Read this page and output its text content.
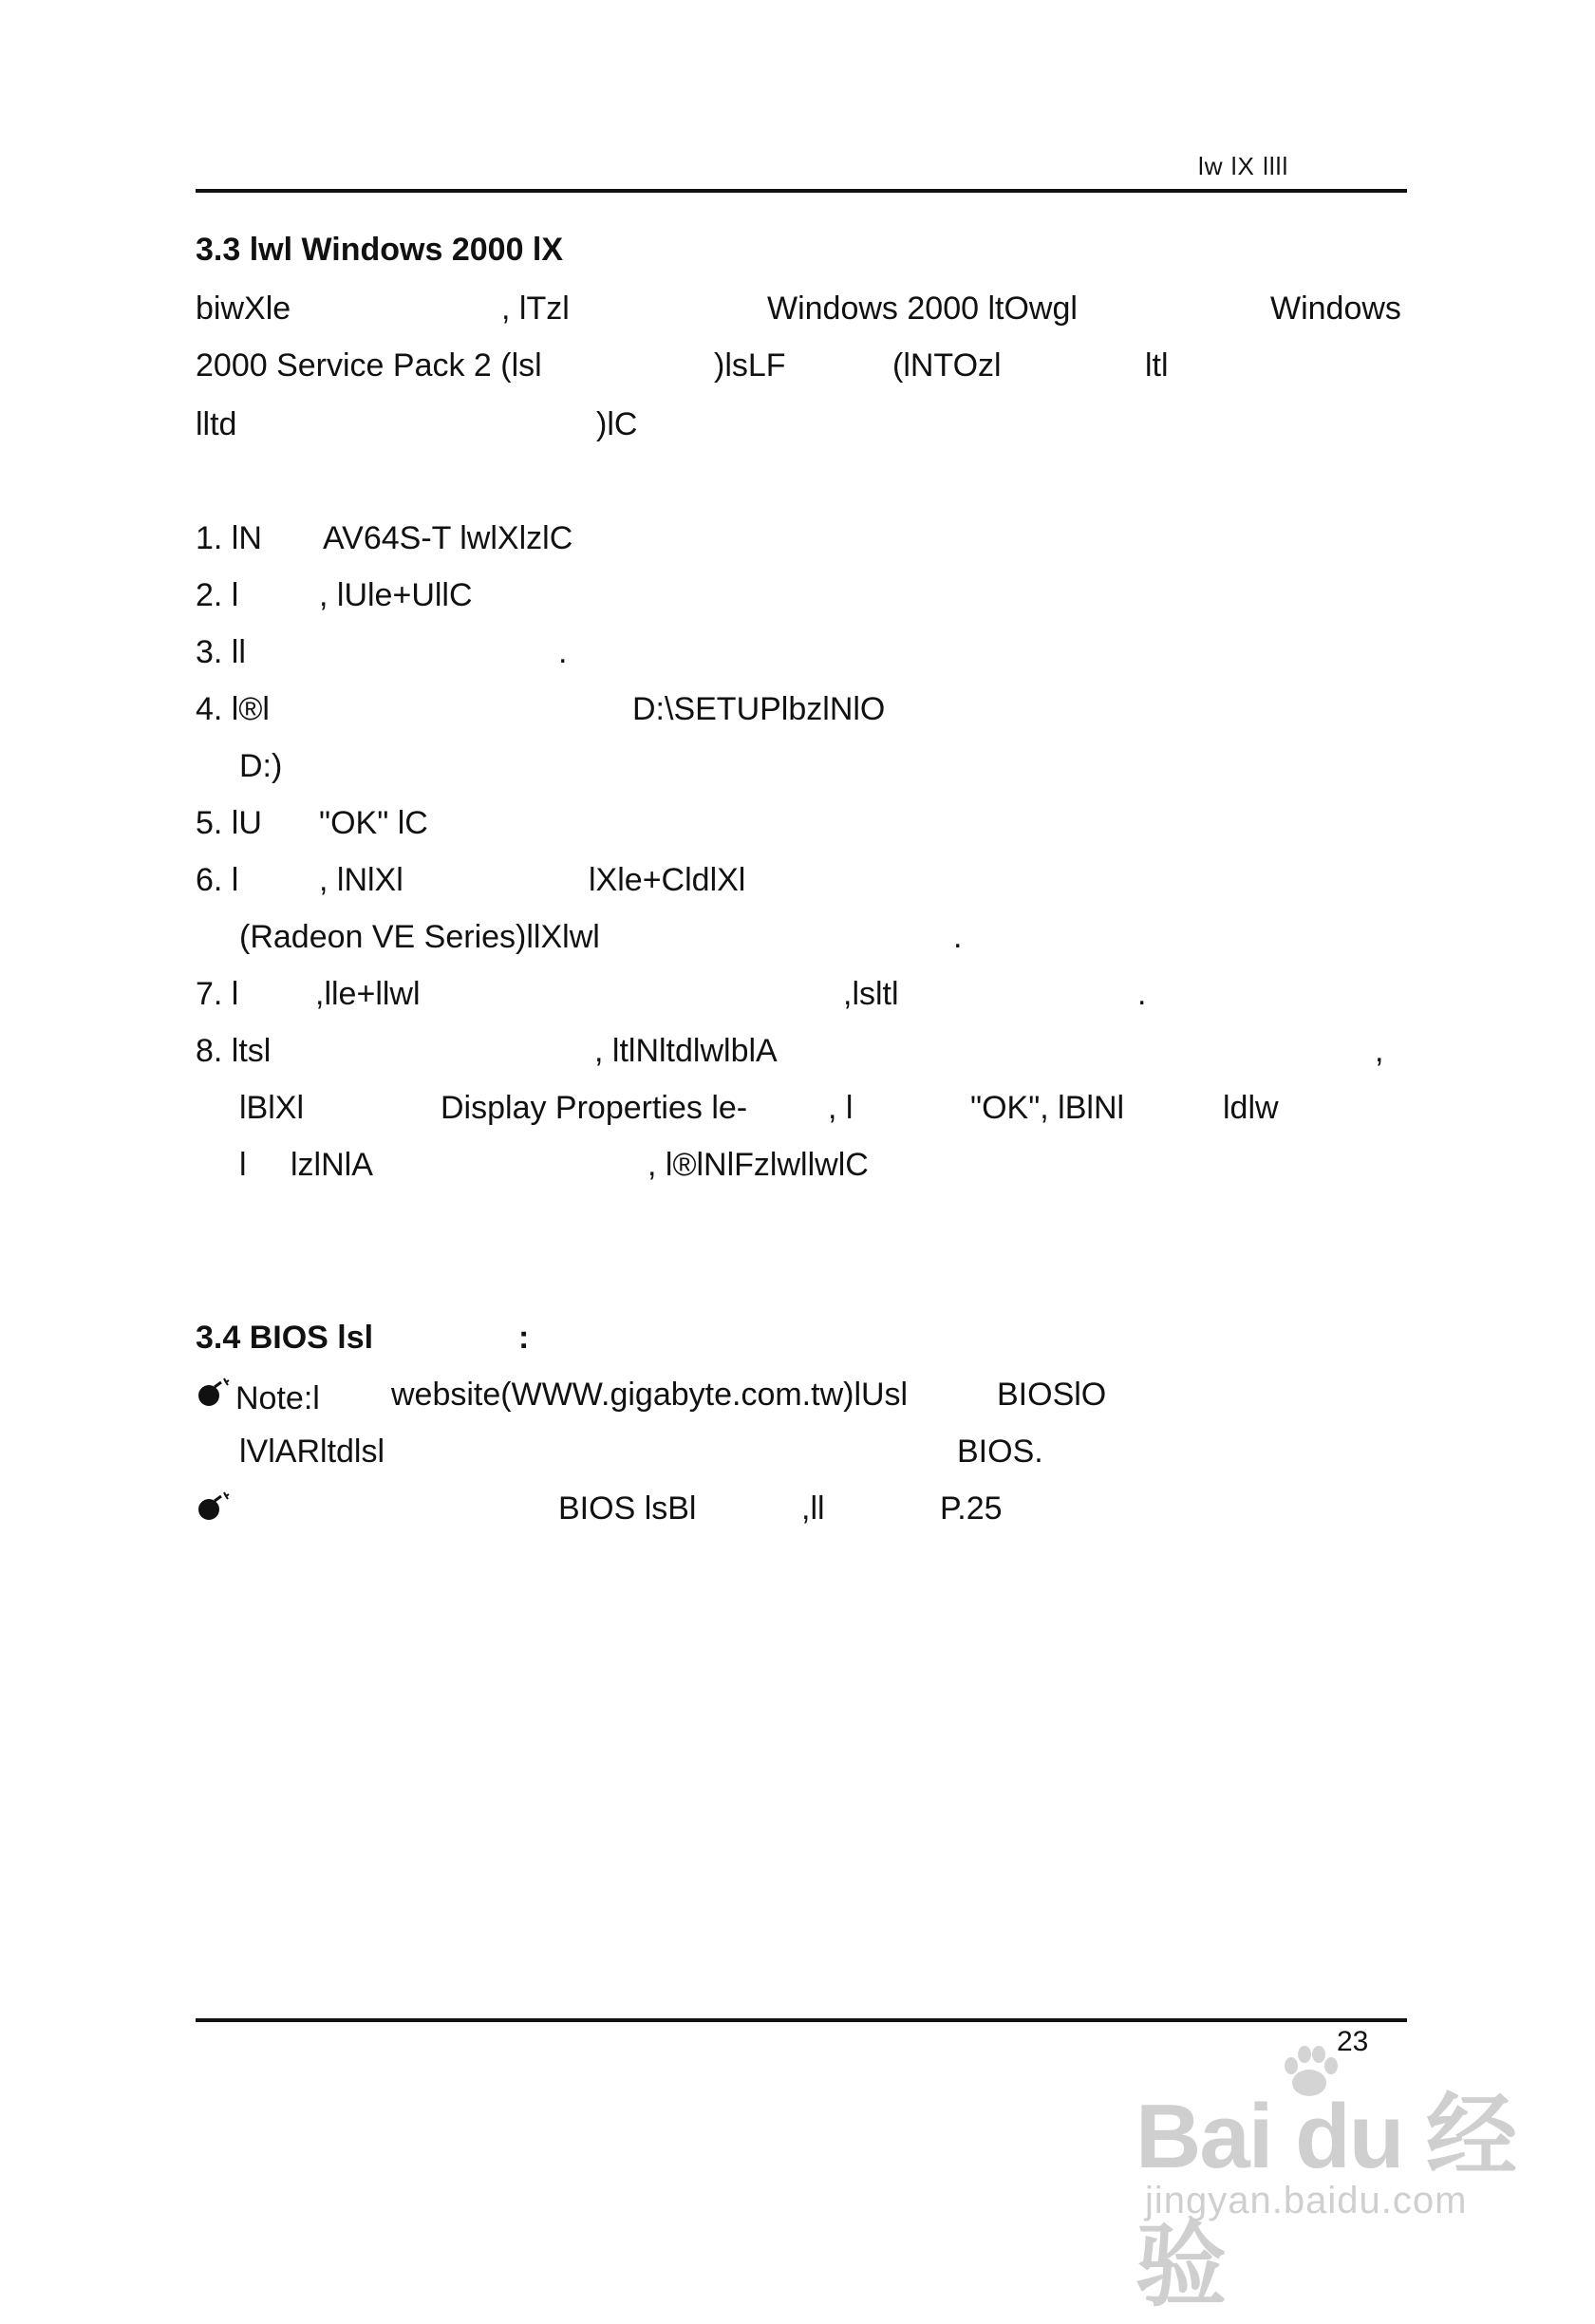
lw lX llll
3.3 lwl Windows 2000 lX
biwXle	, lTzl	Windows 2000 ltOwgl	Windows
2000 Service Pack 2 (lsl	)lsLF	(lNTOzl	ltl
lltd	)lC
1. lN AV64S-T lwlXlzlC
2. l , lUle+UllC
3. ll	.
4. l®l	D:\SETUPlbzlNlO
D:)
5. lU "OK" lC
6. l , lNlXl	lXle+CldlXl
(Radeon VE Series)llXlwl	.
7. l ,lle+llwl	,lsltl	.
8. ltsl	, ltlNltdlwlblA	,
lBlXl	Display Properties le- , l	"OK", lBlNl	ldlw
l lzlNlA	, l®lNlFzlwllwlC
3.4 BIOS lsl	:
Note:l website(WWW.gigabyte.com.tw)lUsl	BIOSlO
lVlARltdlsl	BIOS.
BIOS lsBl	,ll	P.25
23
Bai du 经验
jingyan.baidu.com
